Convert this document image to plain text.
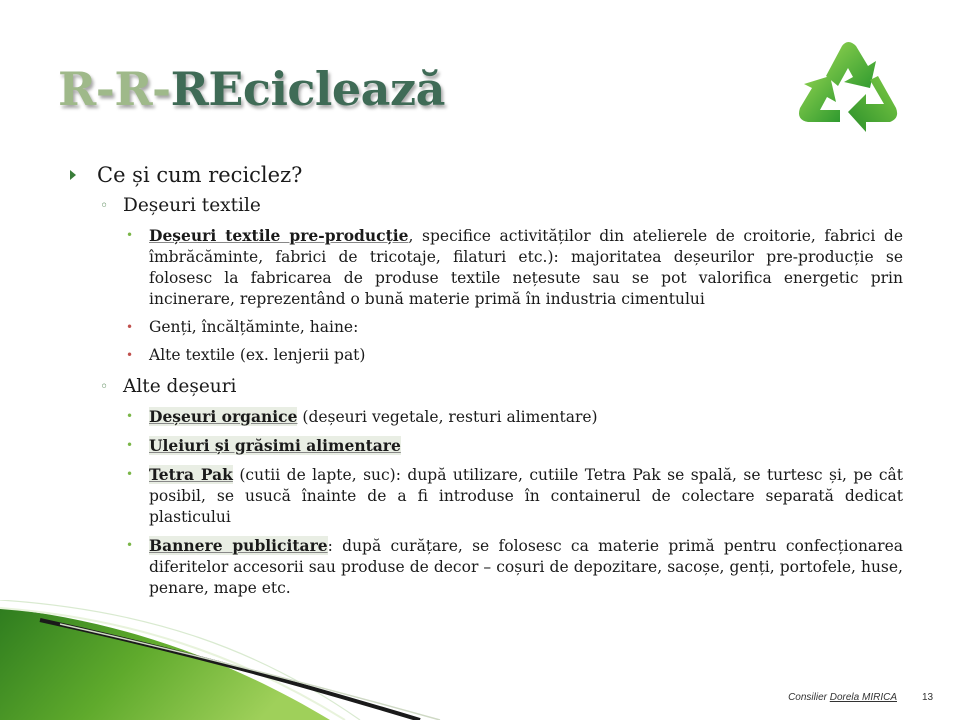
R-R-REciclează
Ce și cum reciclez?
◦ Deșeuri textile
• Deșeuri textile pre-producție, specifice activităților din atelierele de croitorie, fabrici de îmbrăcăminte, fabrici de tricotaje, filaturi etc.): majoritatea deșeurilor pre-producție se folosesc la fabricarea de produse textile nețesute sau se pot valorifica energetic prin incinerare, reprezentând o bună materie primă în industria cimentului
• Genți, încălțăminte, haine:
• Alte textile (ex. lenjerii pat)
◦ Alte deșeuri
• Deșeuri organice (deșeuri vegetale, resturi alimentare)
• Uleiuri și grăsimi alimentare
• Tetra Pak (cutii de lapte, suc): după utilizare, cutiile Tetra Pak se spală, se turtesc și, pe cât posibil, se usucă înainte de a fi introduse în containerul de colectare separată dedicat plasticului
• Bannere publicitare: după curățare, se folosesc ca materie primă pentru confecționarea diferitelor accesorii sau produse de decor – coșuri de depozitare, sacoșe, genți, portofele, huse, penare, mape etc.
Consilier Dorela MIRICA	13
